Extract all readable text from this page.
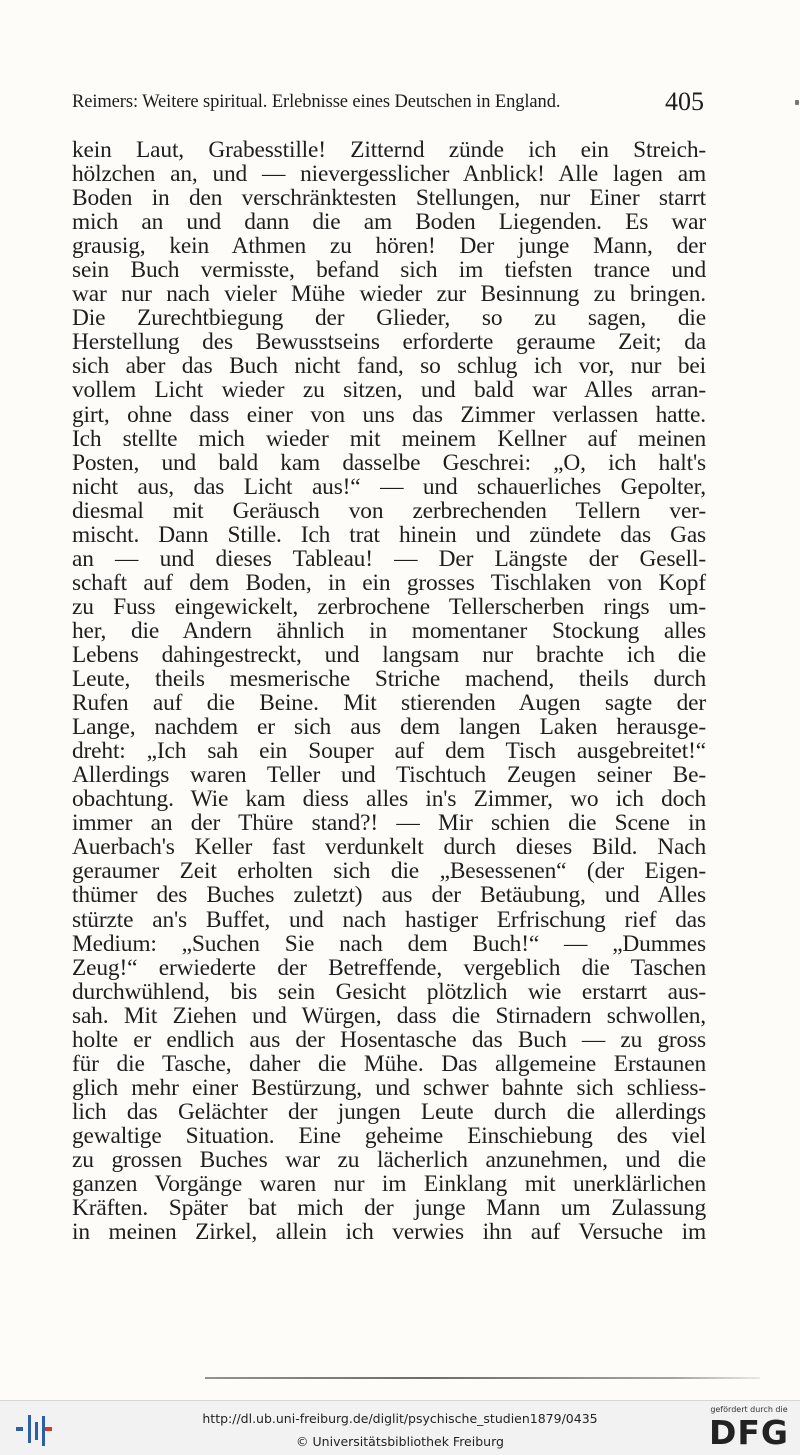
Reimers: Weitere spiritual. Erlebnisse eines Deutschen in England.	405
kein Laut, Grabesstille! Zitternd zünde ich ein Streich-
hölzchen an, und — nievergesslicher Anblick! Alle lagen am
Boden in den verschränktesten Stellungen, nur Einer starrt
mich an und dann die am Boden Liegenden. Es war
grausig, kein Athmen zu hören! Der junge Mann, der
sein Buch vermisste, befand sich im tiefsten trance und
war nur nach vieler Mühe wieder zur Besinnung zu bringen.
Die Zurechtbiegung der Glieder, so zu sagen, die
Herstellung des Bewusstseins erforderte geraume Zeit; da
sich aber das Buch nicht fand, so schlug ich vor, nur bei
vollem Licht wieder zu sitzen, und bald war Alles arran-
girt, ohne dass einer von uns das Zimmer verlassen hatte.
Ich stellte mich wieder mit meinem Kellner auf meinen
Posten, und bald kam dasselbe Geschrei: „O, ich halt's
nicht aus, das Licht aus!“ — und schauerliches Gepolter,
diesmal mit Geräusch von zerbrechenden Tellern ver-
mischt. Dann Stille. Ich trat hinein und zündete das Gas
an — und dieses Tableau! — Der Längste der Gesell-
schaft auf dem Boden, in ein grosses Tischlaken von Kopf
zu Fuss eingewickelt, zerbrochene Tellerscherben rings um-
her, die Andern ähnlich in momentaner Stockung alles
Lebens dahingestreckt, und langsam nur brachte ich die
Leute, theils mesmerische Striche machend, theils durch
Rufen auf die Beine. Mit stierenden Augen sagte der
Lange, nachdem er sich aus dem langen Laken herausge-
dreht: „Ich sah ein Souper auf dem Tisch ausgebreitet!“
Allerdings waren Teller und Tischtuch Zeugen seiner Be-
obachtung. Wie kam diess alles in's Zimmer, wo ich doch
immer an der Thüre stand?! — Mir schien die Scene in
Auerbach's Keller fast verdunkelt durch dieses Bild. Nach
geraumer Zeit erholten sich die „Besessenen“ (der Eigen-
thümer des Buches zuletzt) aus der Betäubung, und Alles
stürzte an's Buffet, und nach hastiger Erfrischung rief das
Medium: „Suchen Sie nach dem Buch!“ — „Dummes
Zeug!“ erwiederte der Betreffende, vergeblich die Taschen
durchwühlend, bis sein Gesicht plötzlich wie erstarrt aus-
sah. Mit Ziehen und Würgen, dass die Stirnadern schwollen,
holte er endlich aus der Hosentasche das Buch — zu gross
für die Tasche, daher die Mühe. Das allgemeine Erstaunen
glich mehr einer Bestürzung, und schwer bahnte sich schliess-
lich das Gelächter der jungen Leute durch die allerdings
gewaltige Situation. Eine geheime Einschiebung des viel
zu grossen Buches war zu lächerlich anzunehmen, und die
ganzen Vorgänge waren nur im Einklang mit unerklärlichen
Kräften. Später bat mich der junge Mann um Zulassung
in meinen Zirkel, allein ich verwies ihn auf Versuche im
http://dl.ub.uni-freiburg.de/diglit/psychische_studien1879/0435
© Universitätsbibliothek Freiburg
gefördert durch die
DFG
